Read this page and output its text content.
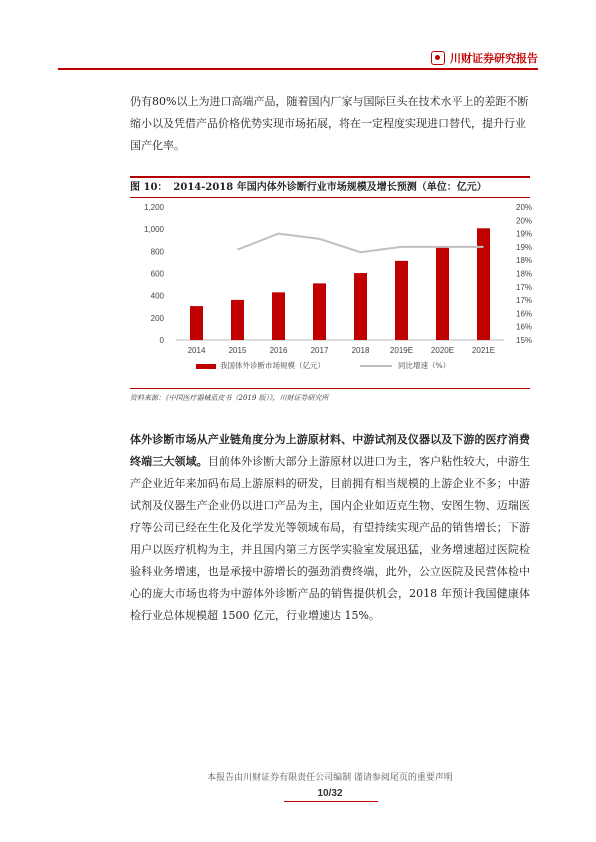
川财证券研究报告
仍有80%以上为进口高端产品，随着国内厂家与国际巨头在技术水平上的差距不断缩小以及凭借产品价格优势实现市场拓展，将在一定程度实现进口替代，提升行业国产化率。
图 10： 2014-2018 年国内体外诊断行业市场规模及增长预测（单位：亿元）
0
200
400
600
800
1,000
1,200
15%
16%
16%
17%
17%
18%
18%
19%
19%
20%
20%
2014	2015	2016	2017	2018	2019E 2020E 2021E
我国体外诊断市场规模（亿元）	同比增速（%）
资料来源：《中国医疗器械蓝皮书（2019 版）》，川财证券研究所
体外诊断市场从产业链角度分为上游原材料、中游试剂及仪器以及下游的医疗消费终端三大领域。目前体外诊断大部分上游原材以进口为主，客户粘性较大，中游生产企业近年来加码布局上游原料的研发，目前拥有相当规模的上游企业不多；中游试剂及仪器生产企业仍以进口产品为主，国内企业如迈克生物、安图生物、迈瑞医疗等公司已经在生化及化学发光等领域布局，有望持续实现产品的销售增长；下游用户以医疗机构为主，并且国内第三方医学实验室发展迅猛，业务增速超过医院检验科业务增速，也是承接中游增长的强劲消费终端，此外，公立医院及民营体检中心的庞大市场也将为中游体外诊断产品的销售提供机会，2018 年预计我国健康体检行业总体规模超 1500 亿元，行业增速达 15%。
本报告由川财证券有限责任公司编制 谨请参阅尾页的重要声明
10/32
